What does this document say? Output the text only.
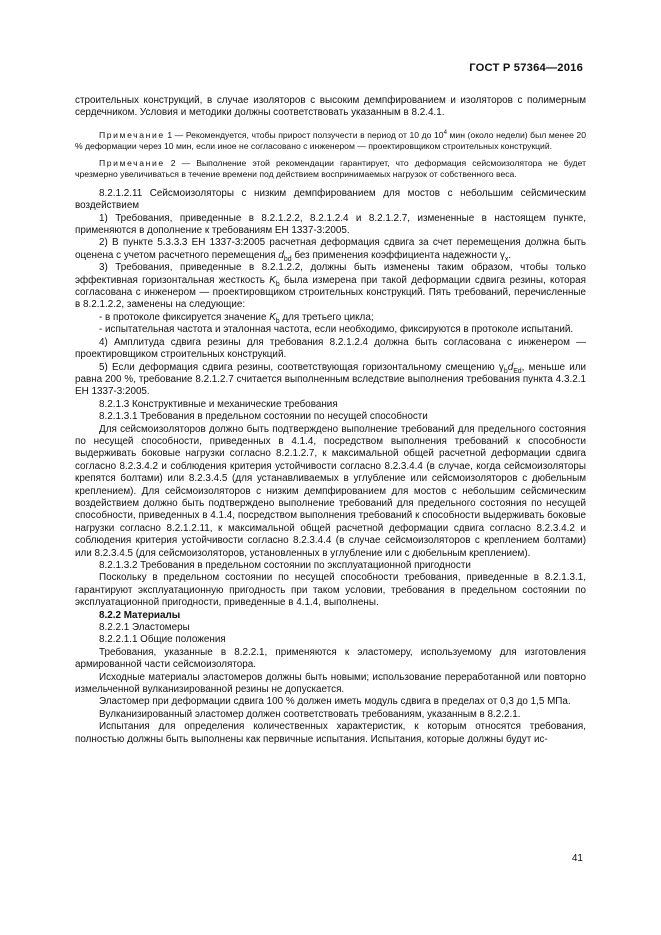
ГОСТ Р 57364—2016

строительных конструкций, в случае изоляторов с высоким демпфированием и изоляторов с полимерным сердечником. Условия и методики должны соответствовать указанным в 8.2.4.1.

Примечание 1 — Рекомендуется, чтобы прирост ползучести в период от 10 до $10^4$ мин (около недели) был менее 20 % деформации через 10 мин, если иное не согласовано с инженером — проектировщиком строительных конструкций.

Примечание 2 — Выполнение этой рекомендации гарантирует, что деформация сейсмоизолятора не будет чрезмерно увеличиваться в течение времени под действием воспринимаемых нагрузок от собственного веса.

8.2.1.2.11 Сейсмоизоляторы с низким демпфированием для мостов с небольшим сейсмическим воздействием

1) Требования, приведенные в 8.2.1.2.2, 8.2.1.2.4 и 8.2.1.2.7, измененные в настоящем пункте, применяются в дополнение к требованиям ЕН 1337-3:2005.

2) В пункте 5.3.3.3 ЕН 1337-3:2005 расчетная деформация сдвига за счет перемещения должна быть оценена с учетом расчетного перемещения $d_{bd}$ без применения коэффициента надежности $\gamma_x$.

3) Требования, приведенные в 8.2.1.2.2, должны быть изменены таким образом, чтобы только эффективная горизонтальная жесткость $K_b$ была измерена при такой деформации сдвига резины, которая согласована с инженером — проектировщиком строительных конструкций. Пять требований, перечисленные в 8.2.1.2.2, заменены на следующие:

- в протоколе фиксируется значение $K_b$ для третьего цикла;

- испытательная частота и эталонная частота, если необходимо, фиксируются в протоколе испытаний.

4) Амплитуда сдвига резины для требования 8.2.1.2.4 должна быть согласована с инженером — проектировщиком строительных конструкций.

5) Если деформация сдвига резины, соответствующая горизонтальному смещению $\gamma_bd_{Ed}$, меньше или равна 200 %, требование 8.2.1.2.7 считается выполненным вследствие выполнения требования пункта 4.3.2.1 ЕН 1337-3:2005.

8.2.1.3 Конструктивные и механические требования

8.2.1.3.1 Требования в предельном состоянии по несущей способности

Для сейсмоизоляторов должно быть подтверждено выполнение требований для предельного состояния по несущей способности, приведенных в 4.1.4, посредством выполнения требований к способности выдерживать боковые нагрузки согласно 8.2.1.2.7, к максимальной общей расчетной деформации сдвига согласно 8.2.3.4.2 и соблюдения критерия устойчивости согласно 8.2.3.4.4 (в случае, когда сейсмоизоляторы крепятся болтами) или 8.2.3.4.5 (для устанавливаемых в углубление или сейсмоизоляторов с дюбельным креплением). Для сейсмоизоляторов с низким демпфированием для мостов с небольшим сейсмическим воздействием должно быть подтверждено выполнение требований для предельного состояния по несущей способности, приведенных в 4.1.4, посредством выполнения требований к способности выдерживать боковые нагрузки согласно 8.2.1.2.11, к максимальной общей расчетной деформации сдвига согласно 8.2.3.4.2 и соблюдения критерия устойчивости согласно 8.2.3.4.4 (в случае сейсмоизоляторов с креплением болтами) или 8.2.3.4.5 (для сейсмоизоляторов, установленных в углубление или с дюбельным креплением).

8.2.1.3.2 Требования в предельном состоянии по эксплуатационной пригодности

Поскольку в предельном состоянии по несущей способности требования, приведенные в 8.2.1.3.1, гарантируют эксплуатационную пригодность при таком условии, требования в предельном состоянии по эксплуатационной пригодности, приведенные в 4.1.4, выполнены.

8.2.2 Материалы

8.2.2.1 Эластомеры

8.2.2.1.1 Общие положения

Требования, указанные в 8.2.2.1, применяются к эластомеру, используемому для изготовления армированной части сейсмоизолятора.

Исходные материалы эластомеров должны быть новыми; использование переработанной или повторно измельченной вулканизированной резины не допускается.

Эластомер при деформации сдвига 100 % должен иметь модуль сдвига в пределах от 0,3 до 1,5 МПа.

Вулканизированный эластомер должен соответствовать требованиям, указанным в 8.2.2.1.

Испытания для определения количественных характеристик, к которым относятся требования, полностью должны быть выполнены как первичные испытания. Испытания, которые должны будут ис-

41
